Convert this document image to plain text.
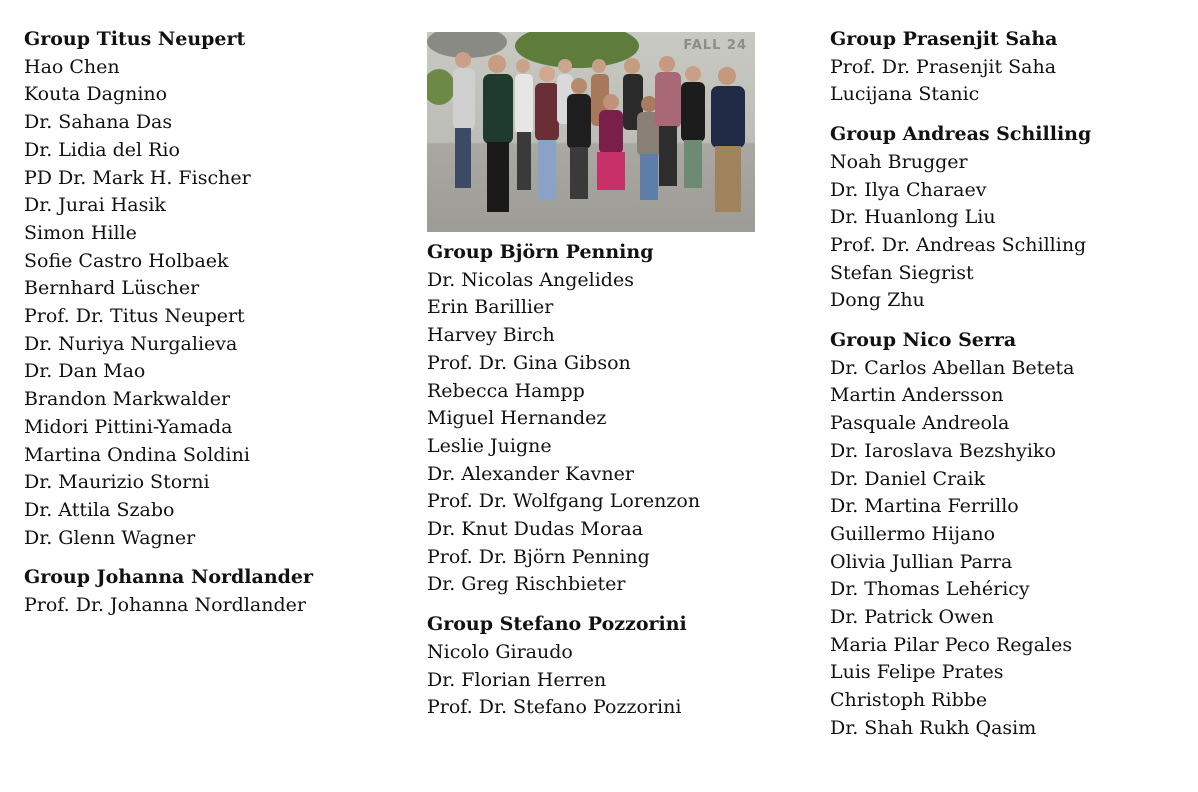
Group Titus Neupert

Hao Chen

Kouta Dagnino

Dr. Sahana Das

Dr. Lidia del Rio

PD Dr. Mark H. Fischer

Dr. Jurai Hasik

Simon Hille

Sofie Castro Holbaek

Bernhard Lüscher

Prof. Dr. Titus Neupert

Dr. Nuriya Nurgalieva

Dr. Dan Mao

Brandon Markwalder

Midori Pittini-Yamada

Martina Ondina Soldini

Dr. Maurizio Storni

Dr. Attila Szabo

Dr. Glenn Wagner

Group Johanna Nordlander

Prof. Dr. Johanna Nordlander

FALL 24

Group Björn Penning

Dr. Nicolas Angelides

Erin Barillier

Harvey Birch

Prof. Dr. Gina Gibson

Rebecca Hampp

Miguel Hernandez

Leslie Juigne

Dr. Alexander Kavner

Prof. Dr. Wolfgang Lorenzon

Dr. Knut Dudas Moraa

Prof. Dr. Björn Penning

Dr. Greg Rischbieter

Group Stefano Pozzorini

Nicolo Giraudo

Dr. Florian Herren

Prof. Dr. Stefano Pozzorini

Group Prasenjit Saha

Prof. Dr. Prasenjit Saha

Lucijana Stanic

Group Andreas Schilling

Noah Brugger

Dr. Ilya Charaev

Dr. Huanlong Liu

Prof. Dr. Andreas Schilling

Stefan Siegrist

Dong Zhu

Group Nico Serra

Dr. Carlos Abellan Beteta

Martin Andersson

Pasquale Andreola

Dr. Iaroslava Bezshyiko

Dr. Daniel Craik

Dr. Martina Ferrillo

Guillermo Hijano

Olivia Jullian Parra

Dr. Thomas Lehéricy

Dr. Patrick Owen

Maria Pilar Peco Regales

Luis Felipe Prates

Christoph Ribbe

Dr. Shah Rukh Qasim
